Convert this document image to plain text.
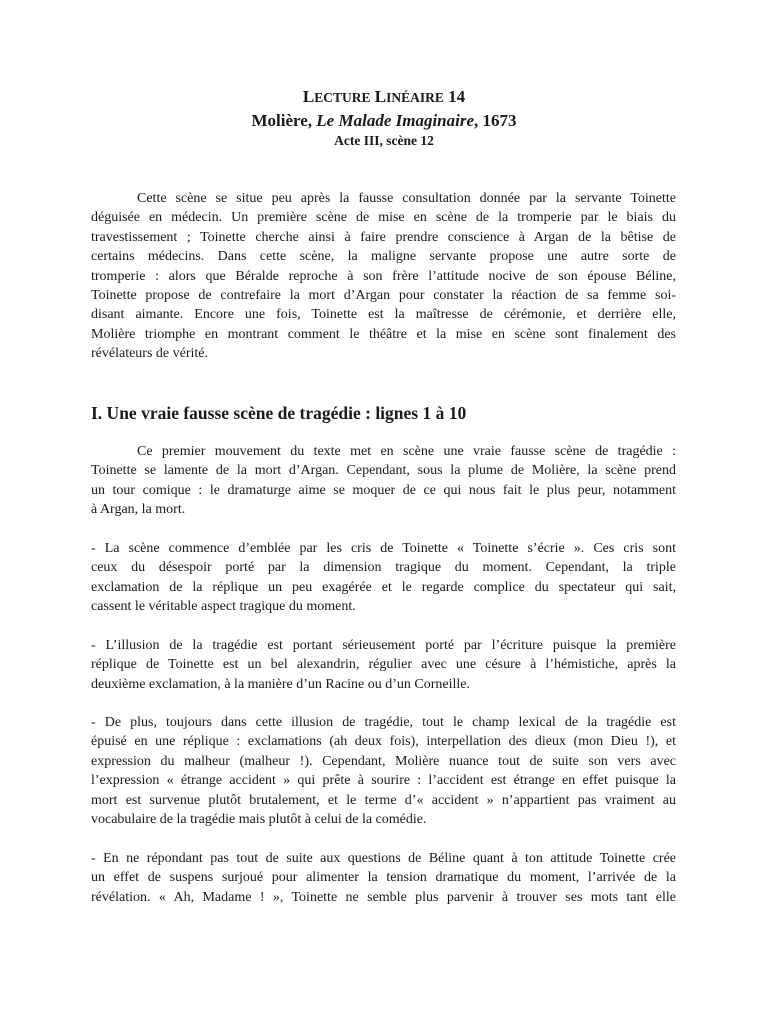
LECTURE LINÉAIRE 14
Molière, Le Malade Imaginaire, 1673
Acte III, scène 12
Cette scène se situe peu après la fausse consultation donnée par la servante Toinette
déguisée en médecin. Un première scène de mise en scène de la tromperie par le biais du
travestissement ; Toinette cherche ainsi à faire prendre conscience à Argan de la bêtise de
certains médecins. Dans cette scène, la maligne servante propose une autre sorte de
tromperie : alors que Béralde reproche à son frère l’attitude nocive de son épouse Béline,
Toinette propose de contrefaire la mort d’Argan pour constater la réaction de sa femme soi-
disant aimante. Encore une fois, Toinette est la maîtresse de cérémonie, et derrière elle,
Molière triomphe en montrant comment le théâtre et la mise en scène sont finalement des
révélateurs de vérité.
I. Une vraie fausse scène de tragédie : lignes 1 à 10
Ce premier mouvement du texte met en scène une vraie fausse scène de tragédie :
Toinette se lamente de la mort d’Argan. Cependant, sous la plume de Molière, la scène prend
un tour comique : le dramaturge aime se moquer de ce qui nous fait le plus peur, notamment
à Argan, la mort.
- La scène commence d’emblée par les cris de Toinette « Toinette s’écrie ». Ces cris sont
ceux du désespoir porté par la dimension tragique du moment. Cependant, la triple
exclamation de la réplique un peu exagérée et le regarde complice du spectateur qui sait,
cassent le véritable aspect tragique du moment.
- L’illusion de la tragédie est portant sérieusement porté par l’écriture puisque la première
réplique de Toinette est un bel alexandrin, régulier avec une césure à l’hémistiche, après la
deuxième exclamation, à la manière d’un Racine ou d’un Corneille.
- De plus, toujours dans cette illusion de tragédie, tout le champ lexical de la tragédie est
épuisé en une réplique : exclamations (ah deux fois), interpellation des dieux (mon Dieu !), et
expression du malheur (malheur !). Cependant, Molière nuance tout de suite son vers avec
l’expression « étrange accident » qui prête à sourire : l’accident est étrange en effet puisque la
mort est survenue plutôt brutalement, et le terme d’« accident » n’appartient pas vraiment au
vocabulaire de la tragédie mais plutôt à celui de la comédie.
- En ne répondant pas tout de suite aux questions de Béline quant à ton attitude Toinette crée
un effet de suspens surjoué pour alimenter la tension dramatique du moment, l’arrivée de la
révélation. « Ah, Madame ! », Toinette ne semble plus parvenir à trouver ses mots tant elle
